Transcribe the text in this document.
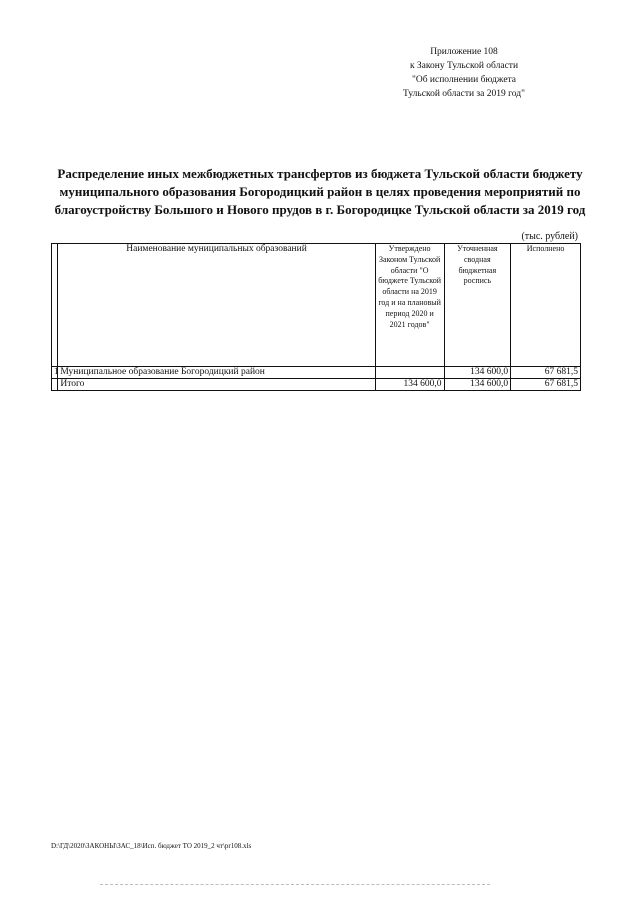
Приложение 108
к Закону Тульской области
"Об исполнении бюджета
Тульской области за 2019 год"
Распределение иных межбюджетных трансфертов из бюджета Тульской области бюджету
муниципального образования Богородицкий район в целях проведения мероприятий по
благоустройству Большого и Нового прудов в г. Богородицке Тульской области за 2019 год
(тыс. рублей)
	Наименование муниципальных образований	Утверждено Законом Тульской области "О бюджете Тульской области на 2019 год и на плановый период 2020 и 2021 годов"	Уточненная сводная бюджетная роспись	Исполнено
1	Муниципальное образование Богородицкий район		134 600,0	67 681,5
	Итого	134 600,0	134 600,0	67 681,5
D:\ГД\2020\ЗАКОНЫ\ЗАС_18\Исп. бюджет ТО 2019_2 чт\pr108.xls
